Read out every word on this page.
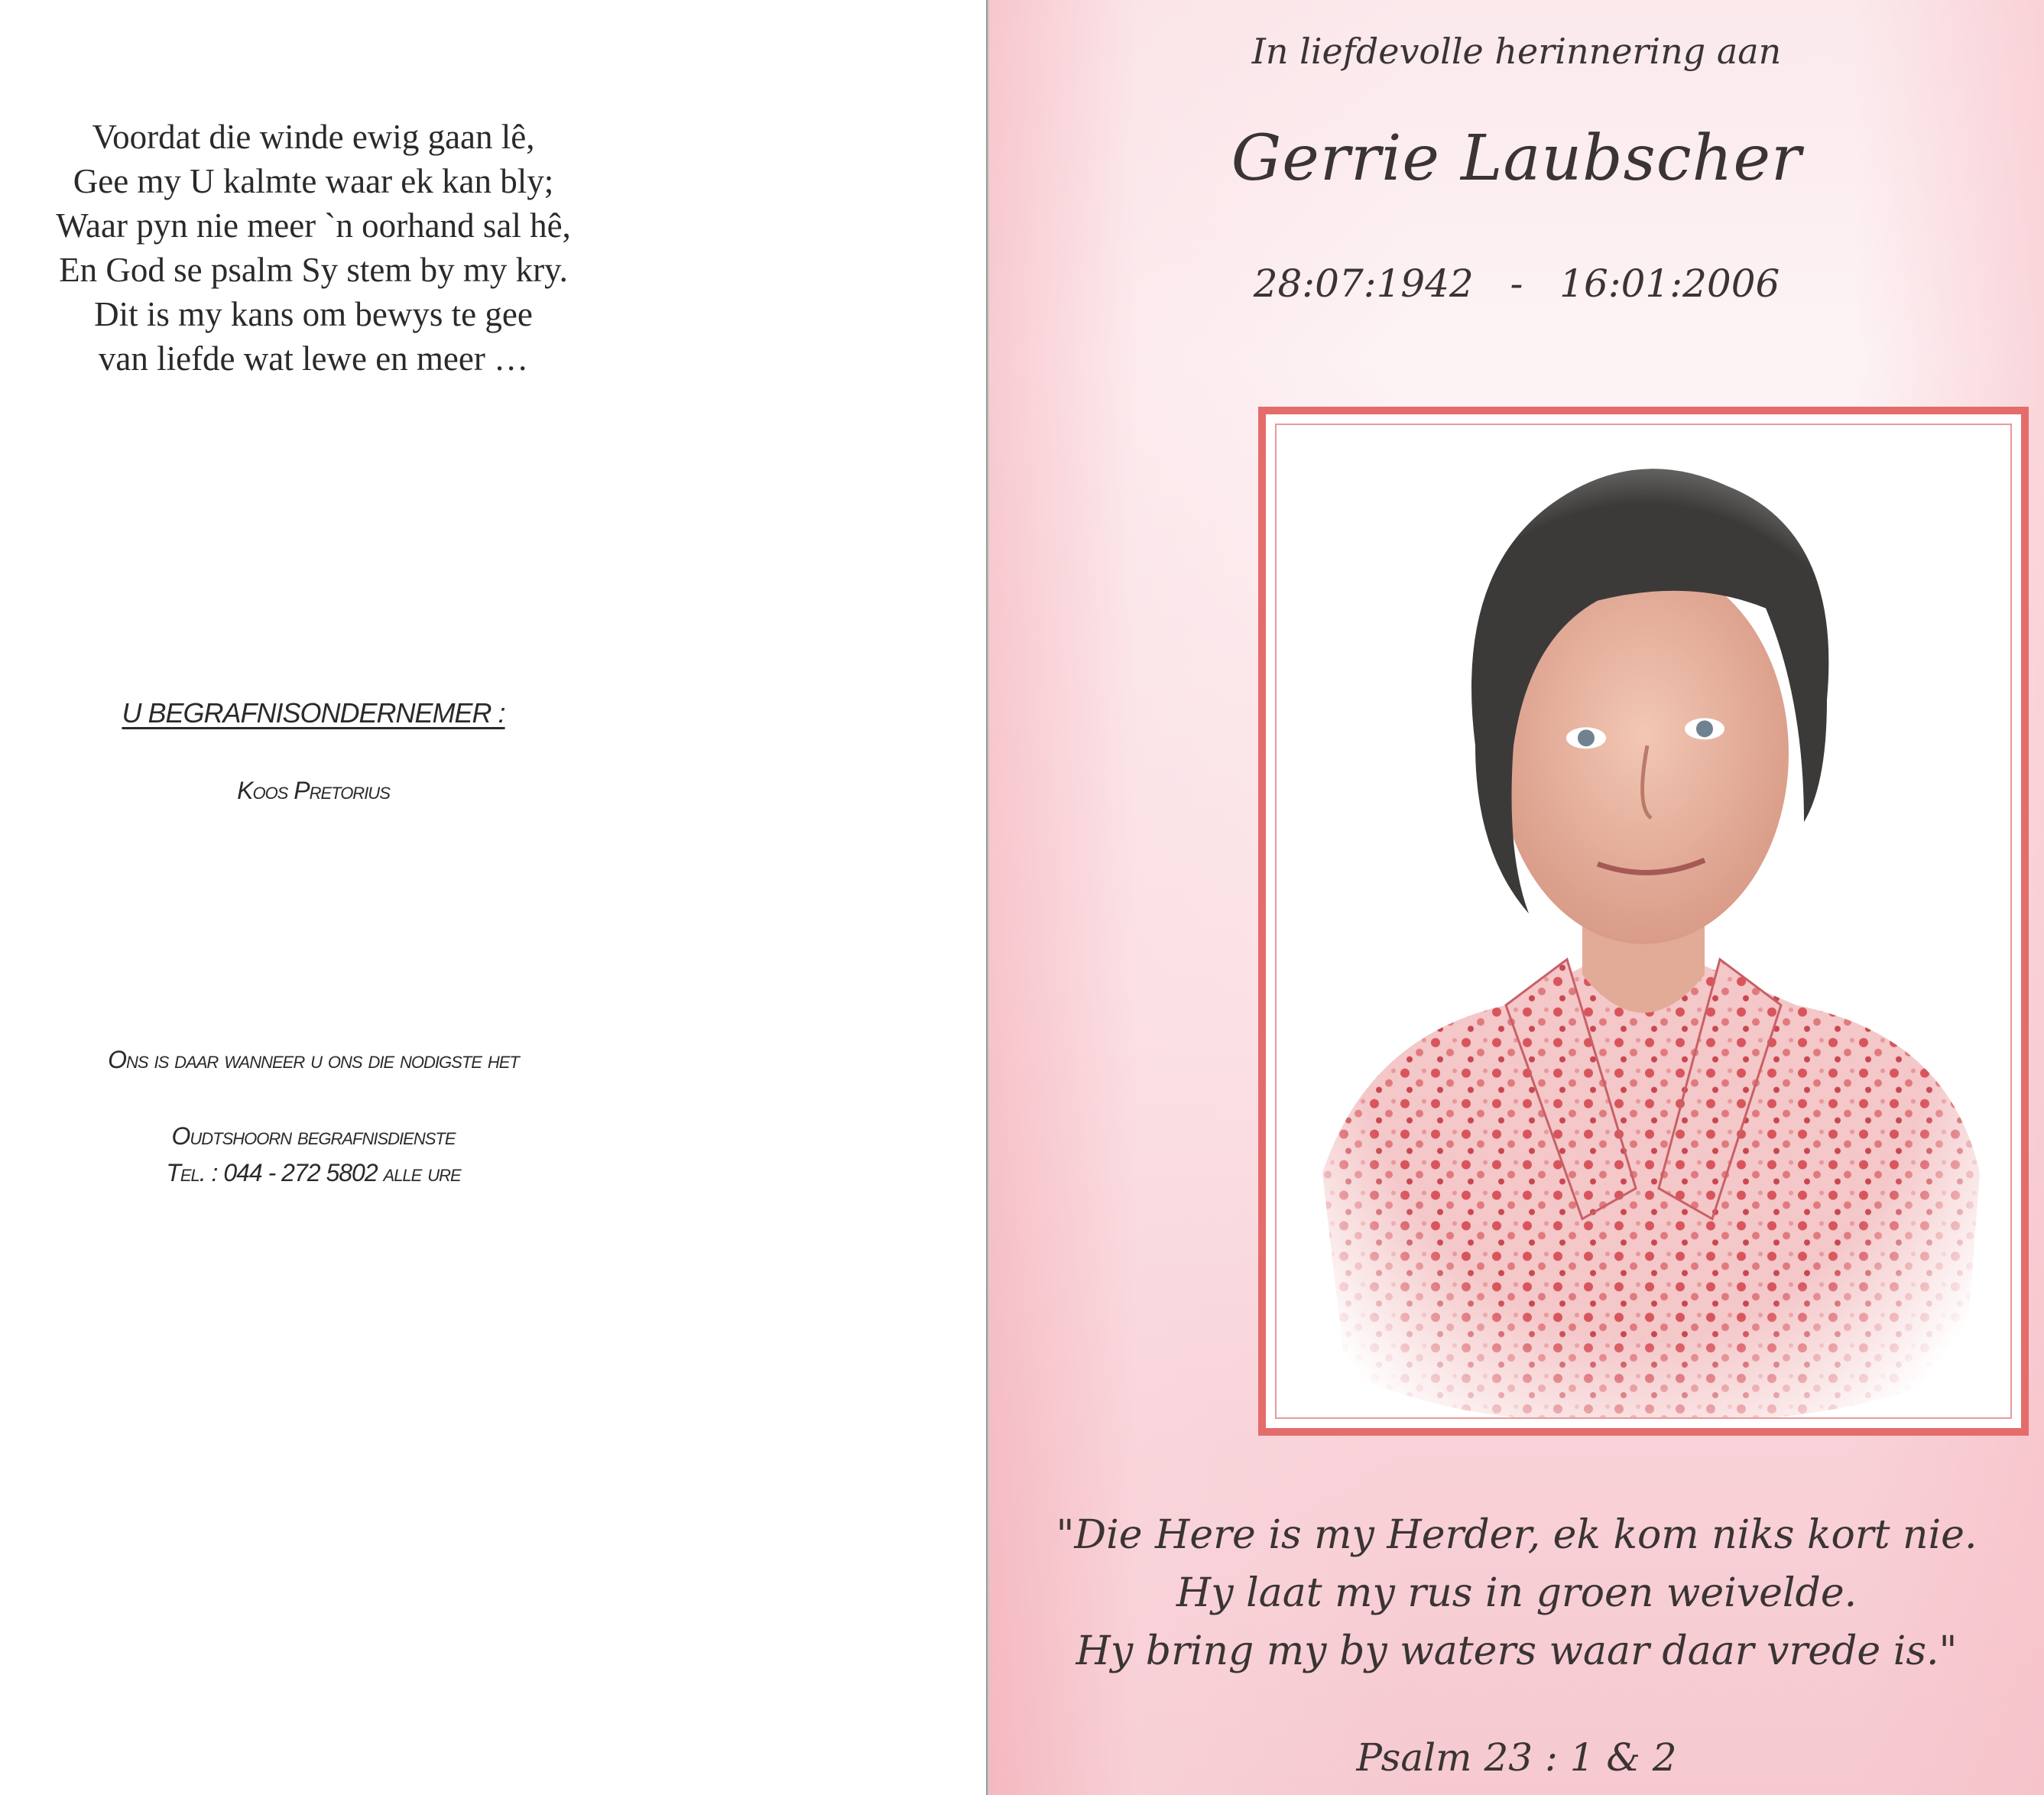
Voordat die winde ewig gaan lê,
Gee my U kalmte waar ek kan bly;
Waar pyn nie meer `n oorhand sal hê,
En God se psalm Sy stem by my kry.
Dit is my kans om bewys te gee
van liefde wat lewe en meer …
U BEGRAFNISONDERNEMER :
Koos Pretorius
Ons is daar wanneer u ons die nodigste het
Oudtshoorn begrafnisdienste
Tel. : 044 - 272 5802 alle ure
In liefdevolle herinnering aan
Gerrie Laubscher
28:07:1942   -   16:01:2006
"Die Here is my Herder, ek kom niks kort nie.
Hy laat my rus in groen weivelde.
Hy bring my by waters waar daar vrede is."
Psalm 23 : 1 & 2
